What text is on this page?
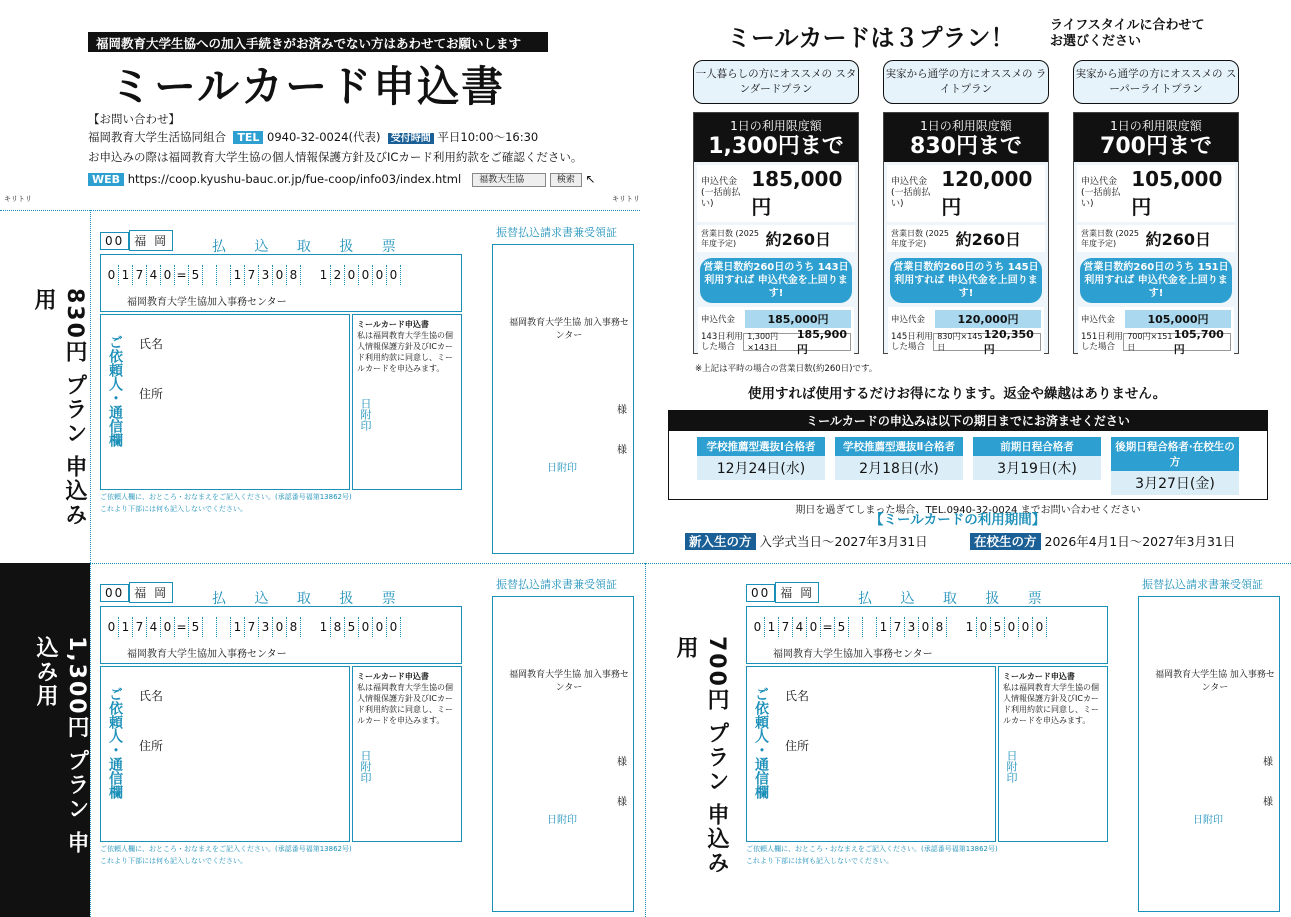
福岡教育大学生協への加入手続きがお済みでない方はあわせてお願いします
ミールカード申込書
【お問い合わせ】
福岡教育大学生活協同組合 TEL 0940-32-0024(代表) 受付時間 平日10:00～16:30
お申込みの際は福岡教育大学生協の個人情報保護方針及びICカード利用約款をご確認ください。
WEB https://coop.kyushu-bauc.or.jp/fue-coop/info03/index.html 福教大生協	検索 ↖
ミールカードは３プラン！	ライフスタイルに合わせて お選びください
一人暮らしの方にオススメの スタンダードプラン
1日の利用限度額
1,300円まで
申込代金 (一括前払い)
185,000円
営業日数 (2025年度予定)	約260日
営業日数約260日のうち 143日利用すれば 申込代金を上回ります!
申込代金	185,000円
143日利用 した場合
1,300円×143日
185,900円
実家から通学の方にオススメの ライトプラン
1日の利用限度額
830円まで
申込代金 (一括前払い)
120,000円
営業日数 (2025年度予定)	約260日
営業日数約260日のうち 145日利用すれば 申込代金を上回ります!
申込代金	120,000円
145日利用 した場合
830円×145日
120,350円
実家から通学の方にオススメの スーパーライトプラン
1日の利用限度額
700円まで
申込代金 (一括前払い)
105,000円
営業日数 (2025年度予定)	約260日
営業日数約260日のうち 151日利用すれば 申込代金を上回ります!
申込代金	105,000円
151日利用 した場合
700円×151日
105,700円
※上記は平時の場合の営業日数(約260日)です。
使用すれば使用するだけお得になります。返金や繰越はありません。
ミールカードの申込みは以下の期日までにお済ませください
学校推薦型選抜Ⅰ合格者
12月24日(水)
学校推薦型選抜Ⅱ合格者
2月18日(水)
前期日程合格者
3月19日(木)
後期日程合格者·在校生の方
3月27日(金)
期日を過ぎてしまった場合、TEL.0940-32-0024 までお問い合わせください
【ミールカードの利用期間】
新入生の方 入学式当日～2027年3月31日	在校生の方 2026年4月1日～2027年3月31日
キリトリ	キリトリ
830円 プラン 申込み用
1,300円 プラン 申込み用	700円 プラン 申込み用
00 福 岡	払 込 取 扱 票
0 1 7 4 0 = 5	1 7 3 0 8	1 2 0 0 0 0
福岡教育大学生協加入事務センター
ご依頼人・通信欄 氏名
住所
ミールカード申込書
私は福岡教育大学生協の個人情報保護方針及びICカード利用約款に同意し、ミールカードを申込みます。
日附印
ご依頼人欄に、おところ・おなまえをご記入ください。(承認番号福第13862号)
これより下部には何も記入しないでください。
振替払込請求書兼受領証
福岡教育大学生協 加入事務センター
様
様
日附印
00 福 岡	払 込 取 扱 票
0 1 7 4 0 = 5	1 7 3 0 8	1 8 5 0 0 0
福岡教育大学生協加入事務センター
ご依頼人・通信欄 氏名
住所
ミールカード申込書
私は福岡教育大学生協の個人情報保護方針及びICカード利用約款に同意し、ミールカードを申込みます。
日附印
ご依頼人欄に、おところ・おなまえをご記入ください。(承認番号福第13862号)
これより下部には何も記入しないでください。
振替払込請求書兼受領証
福岡教育大学生協 加入事務センター
様
様
日附印
00 福 岡	払 込 取 扱 票
0 1 7 4 0 = 5	1 7 3 0 8	1 0 5 0 0 0
福岡教育大学生協加入事務センター
ご依頼人・通信欄 氏名
住所
ミールカード申込書
私は福岡教育大学生協の個人情報保護方針及びICカード利用約款に同意し、ミールカードを申込みます。
日附印
ご依頼人欄に、おところ・おなまえをご記入ください。(承認番号福第13862号)
これより下部には何も記入しないでください。
振替払込請求書兼受領証
福岡教育大学生協 加入事務センター
様
様
日附印
